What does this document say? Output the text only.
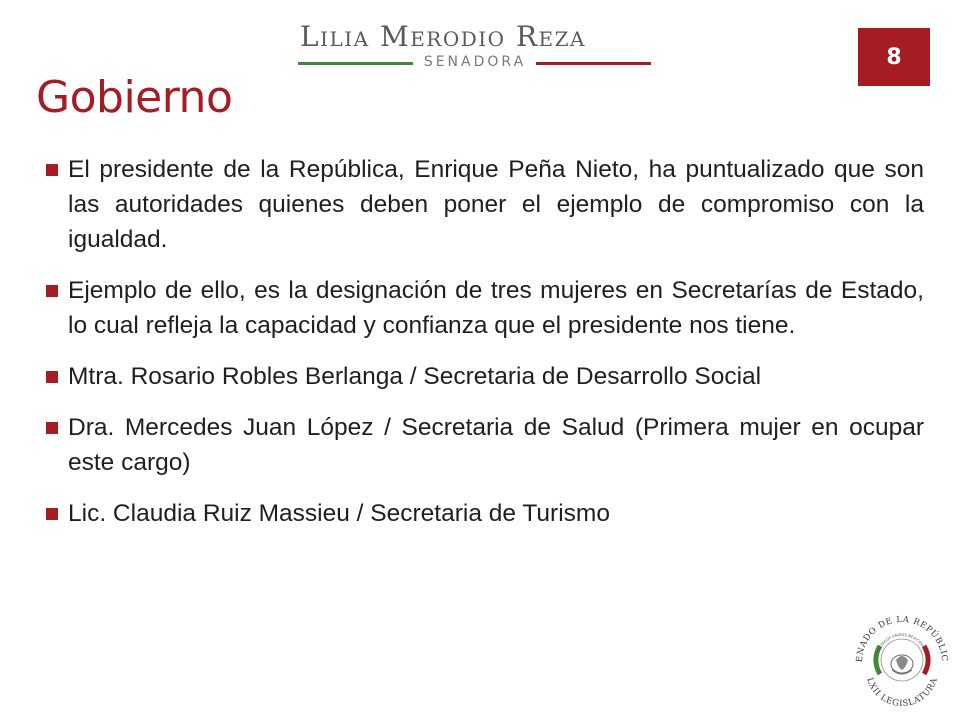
Lilia Merodio Reza
SENADORA	8
Gobierno
El presidente de la República, Enrique Peña Nieto, ha puntualizado que son las autoridades quienes deben poner el ejemplo de compromiso con la igualdad.
Ejemplo de ello, es la designación de tres mujeres en Secretarías de Estado, lo cual refleja la capacidad y confianza que el presidente nos tiene.
Mtra. Rosario Robles Berlanga / Secretaria de Desarrollo Social
Dra. Mercedes Juan López / Secretaria de Salud (Primera mujer en ocupar este cargo)
Lic. Claudia Ruiz Massieu / Secretaria de Turismo
ENADO DE LA REPÚBLIC
LXII LEGISLATURA
ESTADOS UNIDOS MEXICANOS
